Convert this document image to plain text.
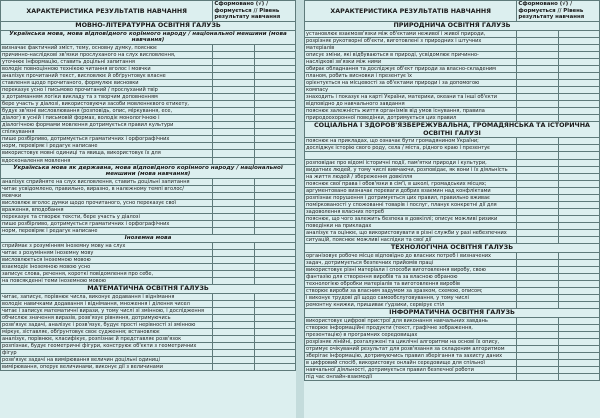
ХАРАКТЕРИСТИКА РЕЗУЛЬТАТІВ НАВЧАННЯ	Сформовано (√) / формується // Рівень результату навчання	
МОВНО-ЛІТЕРАТУРНА ОСВІТНЯ ГАЛУЗЬ		
Українська мова, мова відповідного корінного народу / національної меншини (мова навчання)		
визначає фактичний зміст, тему, основну думку, пояснює		
причинно-наслідкові зв'язки прослуханого на слух висловлення,		
уточнює інформацію, ставить доцільні запитання		
володіє повноцінною технікою читання вголос і мовчки		
аналізує прочитаний текст, висловлює й обґрунтовує власне		
ставлення щодо прочитаного, формулює висновки		
переказує усно і письмово прочитаний / прослуханий твір		
з дотриманням логіки викладу та з творчим доповненням		
бере участь у діалозі, використовуючи засоби мовленнєвого етикету,		
будує зв'язні висловлювання (розповідь, опис, міркування, есе,		
діалог) в усній і письмовій формах, володіє монологічною і		
діалогічною формами мовлення дотримується правил культури		
спілкування		
пише розбірливо, дотримується граматичних і орфографічних		
норм, перевіряє і редагує написане		
використовує мовні одиниці та явища, використовує їх для		
вдосконалення мовлення		
Українська мова як державна, мова відповідного корінного народу / національної меншини (мова навчання)		
аналізує сприйняте на слух висловлення, ставить доцільні запитання		
читає усвідомлено, правильно, виразно, в належному темпі вголос/		
мовчки		
висловлює вголос думки щодо прочитаного, усно переказує свої		
враження, вподобання		
переказує та створює тексти, бере участь у діалозі		
пише розбірливо, дотримується граматичних і орфографічних		
норм, перевіряє і редагує написане		
Іноземна мова		
сприймає з розумінням іноземну мову на слух		
читає з розумінням іноземну мову		
висловлюється іноземною мовою		
взаємодіє іноземною мовою усно		
записує слова, речення, короткі повідомлення про себе,		
на повсякденні теми іноземною мовою		
МАТЕМАТИЧНА ОСВІТНЯ ГАЛУЗЬ		
читає, записує, порівнює числа, виконує додавання і віднімання		
володіє навичками додавання і віднімання, множення і ділення чисел		
читає і записує математичні вирази, у тому числі зі змінною, і дослідження		
обчислює значення виразів, розв'язує рівняння, дотримуючись		
розв'язує задачі, аналізує і розв'язує, будує прості нерівності зі змінною		
міркує, зіставляє, обґрунтовує своє судження; встановлює		
аналізує, порівнює, класифікує, розпізнає й представляє розв'язок		
розпізнає, будує геометричні фігури, конструює об'єкти з геометричних		
фігур		
розв'язує задачі на вимірювання величин доцільні одиниці		
вимірювання, оперує величинами, виконує дії з величинами		
ХАРАКТЕРИСТИКА РЕЗУЛЬТАТІВ НАВЧАННЯ	Сформовано (√) / формується // Рівень результату навчання	
ПРИРОДНИЧА ОСВІТНЯ ГАЛУЗЬ		
установлює взаємозв'язки між об'єктами неживої і живої природи,		
розрізняє рукотворні об'єкти, виготовлені з природних і штучних		
матеріалів		
описує зміни, які відбуваються в природі, усвідомлює причинно-		
наслідкові зв'язки між ними		
обирає обладнання та досліджує об'єкт природи за власно-складеним		
планом, робить висновки і презентує їх		
орієнтується на місцевості за об'єктами природи і за допомогою		
компасу		
знаходить і показує на карті України, материки, океани та інші об'єкти		
відповідно до навчального завдання		
пояснює залежність життя організмів від умов існування, правила		
природоохоронної поведінки, дотримується цих правил		
СОЦІАЛЬНА І ЗДОРОВ'ЯЗБЕРЕЖУВАЛЬНА, ГРОМАДЯНСЬКА ТА ІСТОРИЧНА ОСВІТНІ ГАЛУЗІ		
пояснює на прикладах, що означає бути громадянином України;		
досліджує історію свого роду, села / міста, рідного краю і презентує		

розповідає про відомі історичні події, пам'ятки природи і культури,		
видатних людей, у тому числі вивчаючи, розповідає, як вони і їх діяльність		
на життя людей / збереження довкілля		
пояснює свої права і обов'язки в сім'ї, в школі, громадських місцях;		
аргументовано визначає переваги добрих взаємин над конфліктами		
розпізнає порушення і дотримується цих правил, правильно вживає		
поміркованості у спожованні товарів і послуг, планує конкретні дії для		
задоволення власних потреб		
пояснює, що чого залежить безпека в довкіллі; описує можливі ризики		
поведінки на прикладах		
аналізує та оцінює, що використовувати в різні служби у разі небезпечних		
ситуацій, пояснює можливі наслідки та свої дії		
ТЕХНОЛОГІЧНА ОСВІТНЯ ГАЛУЗЬ		
організовує робоче місце відповідно до власних потреб і визначених		
задач, дотримується безпечних прийомів праці		
використовує різні матеріали і способи виготовлення виробу, свою		
фантазію для створення виробів та за власною обраною		
технологією обробки матеріалів та виготовлення виробів		
створює вироби за власним задумом за зразком, схемою, описом;		
і виконує трудові дії щодо самообслуговування, у тому числі		
ремонтну книжки, пришиває ґудзики, сервірує стіл		
ІНФОРМАТИЧНА ОСВІТНЯ ГАЛУЗЬ		
використовує цифрові пристрої для виконання навчальних завдань		
створює інформаційні продукти (текст, графічне зображення,		
презентацію) в програмних середовищах		
розрізняє лінійні, розгалужені та циклічні алгоритми на основі їх опису,		
отримує очікуваний результат для розв'язання за складеним алгоритмом		
зберігає інформацію, дотримуючись правил зберігання та захисту даних		
в цифровий спосіб, використовує онлайн середовище для спільної		
навчальної діяльності, дотримується правил безпечної роботи		
під час онлайн-взаємодії		
